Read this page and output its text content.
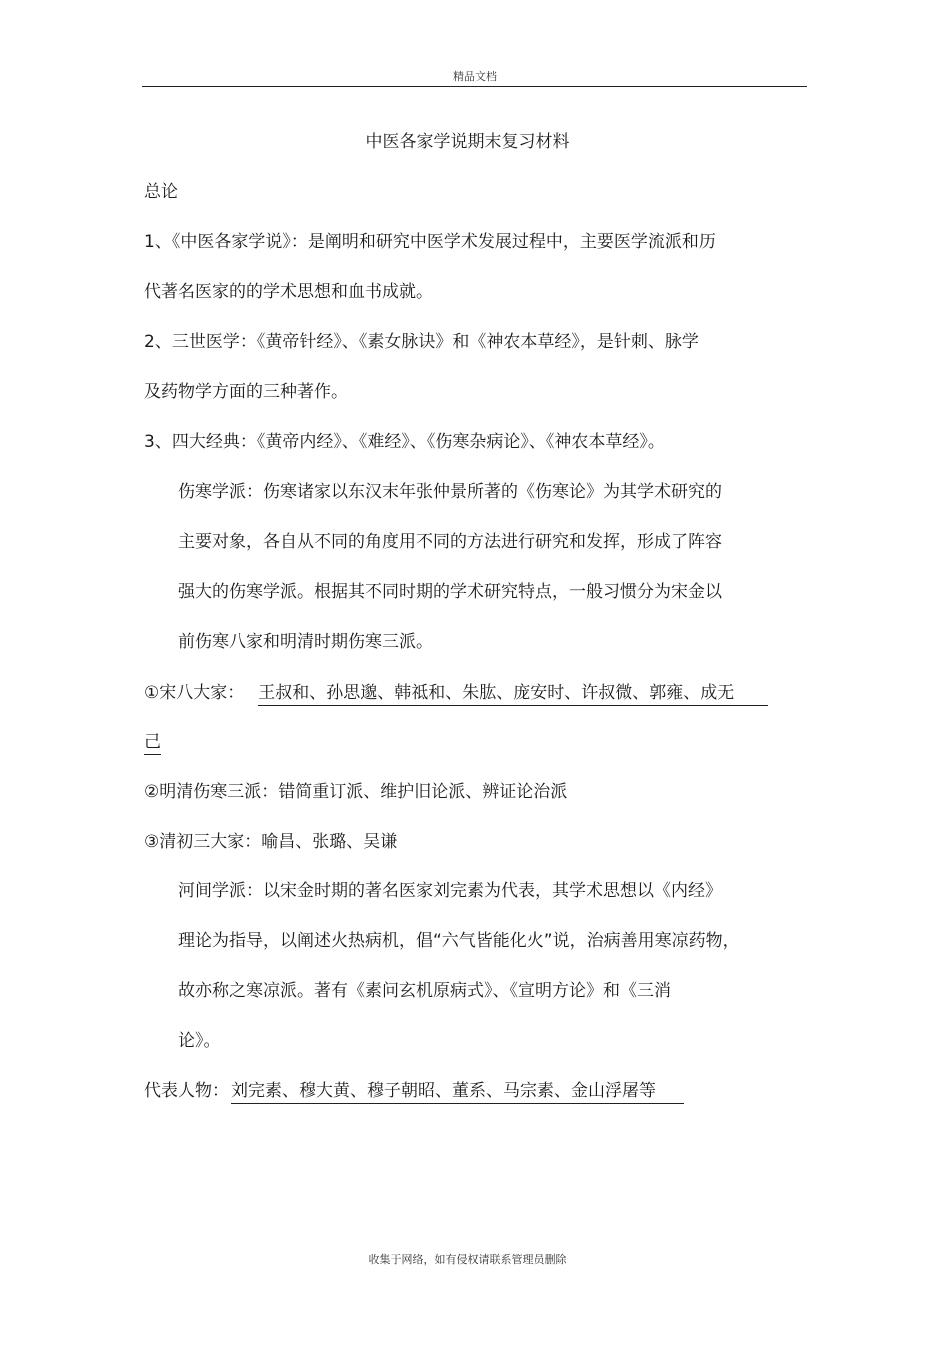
精品文档
中医各家学说期末复习材料
总论
1、《中医各家学说》：是阐明和研究中医学术发展过程中，主要医学流派和历
代著名医家的的学术思想和血书成就。
2、三世医学：《黄帝针经》、《素女脉诀》和《神农本草经》，是针刺、脉学
及药物学方面的三种著作。
3、四大经典：《黄帝内经》、《难经》、《伤寒杂病论》、《神农本草经》。
伤寒学派：伤寒诸家以东汉末年张仲景所著的《伤寒论》为其学术研究的
主要对象，各自从不同的角度用不同的方法进行研究和发挥，形成了阵容
强大的伤寒学派。根据其不同时期的学术研究特点，一般习惯分为宋金以
前伤寒八家和明清时期伤寒三派。
①宋八大家： 王叔和、孙思邈、韩祗和、朱肱、庞安时、许叔微、郭雍、成无
己
②明清伤寒三派：错简重订派、维护旧论派、辨证论治派
③清初三大家：喻昌、张璐、吴谦
河间学派：以宋金时期的著名医家刘完素为代表，其学术思想以《内经》
理论为指导，以阐述火热病机，倡“六气皆能化火”说，治病善用寒凉药物，
故亦称之寒凉派。著有《素问玄机原病式》、《宣明方论》和《三消
论》。
代表人物： 刘完素、穆大黄、穆子朝昭、董系、马宗素、金山浮屠等
收集于网络，如有侵权请联系管理员删除
